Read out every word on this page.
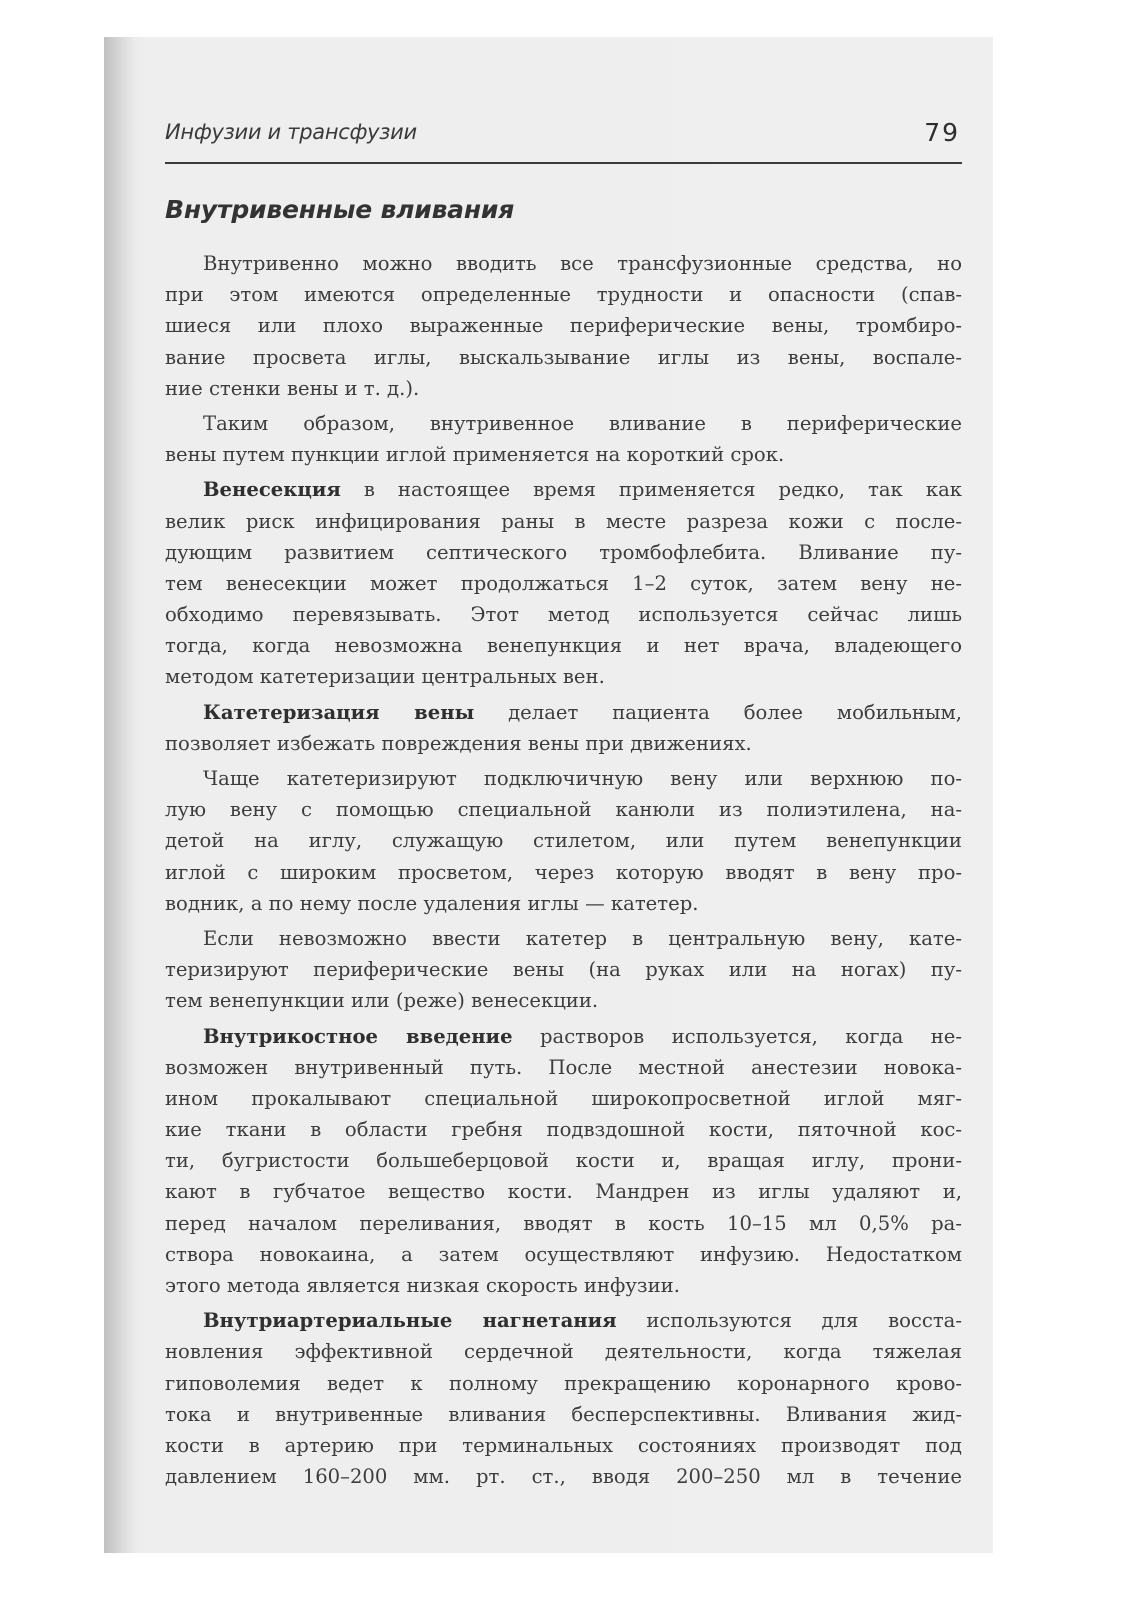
Инфузии и трансфузии	79
Внутривенные вливания
Внутривенно можно вводить все трансфузионные средства, но
при этом имеются определенные трудности и опасности (спав-
шиеся или плохо выраженные периферические вены, тромбиро-
вание просвета иглы, выскальзывание иглы из вены, воспале-
ние стенки вены и т. д.).
Таким образом, внутривенное вливание в периферические
вены путем пункции иглой применяется на короткий срок.
Венесекция в настоящее время применяется редко, так как
велик риск инфицирования раны в месте разреза кожи с после-
дующим развитием септического тромбофлебита. Вливание пу-
тем венесекции может продолжаться 1–2 суток, затем вену не-
обходимо перевязывать. Этот метод используется сейчас лишь
тогда, когда невозможна венепункция и нет врача, владеющего
методом катетеризации центральных вен.
Катетеризация вены делает пациента более мобильным,
позволяет избежать повреждения вены при движениях.
Чаще катетеризируют подключичную вену или верхнюю по-
лую вену с помощью специальной канюли из полиэтилена, на-
детой на иглу, служащую стилетом, или путем венепункции
иглой с широким просветом, через которую вводят в вену про-
водник, а по нему после удаления иглы — катетер.
Если невозможно ввести катетер в центральную вену, кате-
теризируют периферические вены (на руках или на ногах) пу-
тем венепункции или (реже) венесекции.
Внутрикостное введение растворов используется, когда не-
возможен внутривенный путь. После местной анестезии новока-
ином прокалывают специальной широкопросветной иглой мяг-
кие ткани в области гребня подвздошной кости, пяточной кос-
ти, бугристости большеберцовой кости и, вращая иглу, прони-
кают в губчатое вещество кости. Мандрен из иглы удаляют и,
перед началом переливания, вводят в кость 10–15 мл 0,5% ра-
створа новокаина, а затем осуществляют инфузию. Недостатком
этого метода является низкая скорость инфузии.
Внутриартериальные нагнетания используются для восста-
новления эффективной сердечной деятельности, когда тяжелая
гиповолемия ведет к полному прекращению коронарного крово-
тока и внутривенные вливания бесперспективны. Вливания жид-
кости в артерию при терминальных состояниях производят под
давлением 160–200 мм. рт. ст., вводя 200–250 мл в течение
